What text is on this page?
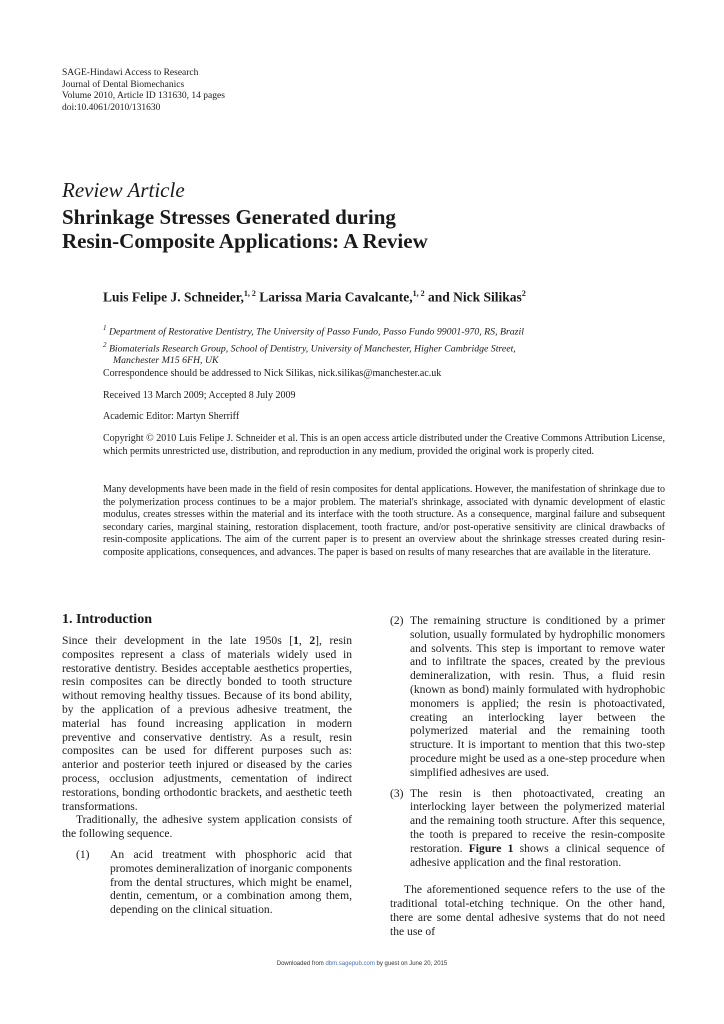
SAGE-Hindawi Access to Research
Journal of Dental Biomechanics
Volume 2010, Article ID 131630, 14 pages
doi:10.4061/2010/131630
Review Article
Shrinkage Stresses Generated during
Resin-Composite Applications: A Review
Luis Felipe J. Schneider,$^{1, 2}$ Larissa Maria Cavalcante,$^{1, 2}$ and Nick Silikas$^2$
$^1$ Department of Restorative Dentistry, The University of Passo Fundo, Passo Fundo 99001-970, RS, Brazil
$^2$ Biomaterials Research Group, School of Dentistry, University of Manchester, Higher Cambridge Street,
Manchester M15 6FH, UK
Correspondence should be addressed to Nick Silikas, nick.silikas@manchester.ac.uk
Received 13 March 2009; Accepted 8 July 2009
Academic Editor: Martyn Sherriff
Copyright © 2010 Luis Felipe J. Schneider et al. This is an open access article distributed under the Creative Commons Attribution License, which permits unrestricted use, distribution, and reproduction in any medium, provided the original work is properly cited.
Many developments have been made in the field of resin composites for dental applications. However, the manifestation of shrinkage due to the polymerization process continues to be a major problem. The material's shrinkage, associated with dynamic development of elastic modulus, creates stresses within the material and its interface with the tooth structure. As a consequence, marginal failure and subsequent secondary caries, marginal staining, restoration displacement, tooth fracture, and/or post-operative sensitivity are clinical drawbacks of resin-composite applications. The aim of the current paper is to present an overview about the shrinkage stresses created during resin-composite applications, consequences, and advances. The paper is based on results of many researches that are available in the literature.
1. Introduction

Since their development in the late 1950s [1, 2], resin composites represent a class of materials widely used in restorative dentistry. Besides acceptable aesthetics properties, resin composites can be directly bonded to tooth structure without removing healthy tissues. Because of its bond ability, by the application of a previous adhesive treatment, the material has found increasing application in modern preventive and conservative dentistry. As a result, resin composites can be used for different purposes such as: anterior and posterior teeth injured or diseased by the caries process, occlusion adjustments, cementation of indirect restorations, bonding orthodontic brackets, and aesthetic teeth transformations.

Traditionally, the adhesive system application consists of the following sequence.

(1)	An acid treatment with phosphoric acid that promotes demineralization of inorganic components from the dental structures, which might be enamel, dentin, cementum, or a combination among them, depending on the clinical situation.
(2) The remaining structure is conditioned by a primer solution, usually formulated by hydrophilic monomers and solvents. This step is important to remove water and to infiltrate the spaces, created by the previous demineralization, with resin. Thus, a fluid resin (known as bond) mainly formulated with hydrophobic monomers is applied; the resin is photoactivated, creating an interlocking layer between the polymerized material and the remaining tooth structure. It is important to mention that this two-step procedure might be used as a one-step procedure when simplified adhesives are used.
(3) The resin is then photoactivated, creating an interlocking layer between the polymerized material and the remaining tooth structure. After this sequence, the tooth is prepared to receive the resin-composite restoration. Figure 1 shows a clinical sequence of adhesive application and the final restoration.

The aforementioned sequence refers to the use of the traditional total-etching technique. On the other hand, there are some dental adhesive systems that do not need the use of

Downloaded from dbm.sagepub.com by guest on June 20, 2015
